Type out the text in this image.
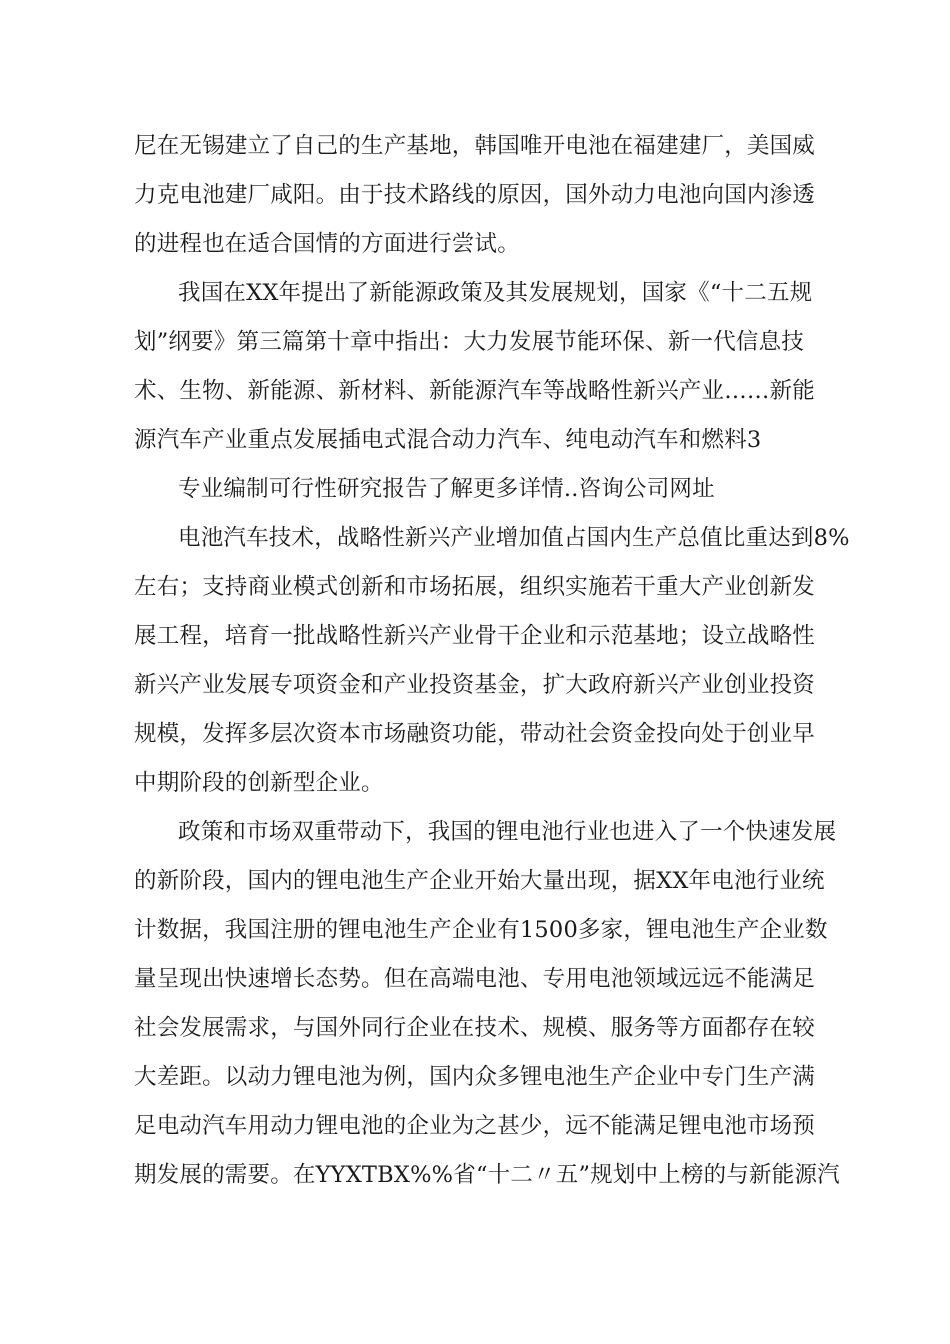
尼在无锡建立了自己的生产基地，韩国唯开电池在福建建厂，美国威
力克电池建厂咸阳。由于技术路线的原因，国外动力电池向国内渗透
的进程也在适合国情的方面进行尝试。
我国在XX年提出了新能源政策及其发展规划，国家《“十二五规
划”纲要》第三篇第十章中指出：大力发展节能环保、新一代信息技
术、生物、新能源、新材料、新能源汽车等战略性新兴产业……新能
源汽车产业重点发展插电式混合动力汽车、纯电动汽车和燃料3
专业编制可行性研究报告了解更多详情..咨询公司网址
电池汽车技术，战略性新兴产业增加值占国内生产总值比重达到8%
左右；支持商业模式创新和市场拓展，组织实施若干重大产业创新发
展工程，培育一批战略性新兴产业骨干企业和示范基地；设立战略性
新兴产业发展专项资金和产业投资基金，扩大政府新兴产业创业投资
规模，发挥多层次资本市场融资功能，带动社会资金投向处于创业早
中期阶段的创新型企业。
政策和市场双重带动下，我国的锂电池行业也进入了一个快速发展
的新阶段，国内的锂电池生产企业开始大量出现，据XX年电池行业统
计数据，我国注册的锂电池生产企业有1500多家，锂电池生产企业数
量呈现出快速增长态势。但在高端电池、专用电池领域远远不能满足
社会发展需求，与国外同行企业在技术、规模、服务等方面都存在较
大差距。以动力锂电池为例，国内众多锂电池生产企业中专门生产满
足电动汽车用动力锂电池的企业为之甚少，远不能满足锂电池市场预
期发展的需要。在YYXTBX%%省“十二〃五”规划中上榜的与新能源汽
